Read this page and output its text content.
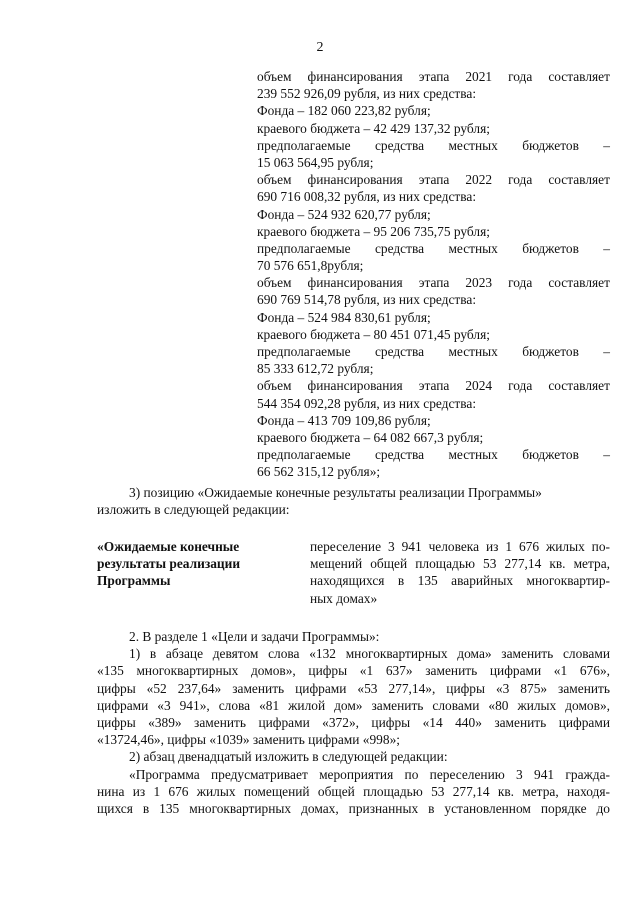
2
объем финансирования этапа 2021 года составляет
239 552 926,09 рубля, из них средства:
Фонда – 182 060 223,82 рубля;
краевого бюджета – 42 429 137,32 рубля;
предполагаемые средства местных бюджетов –
15 063 564,95 рубля;
объем финансирования этапа 2022 года составляет
690 716 008,32 рубля, из них средства:
Фонда – 524 932 620,77 рубля;
краевого бюджета – 95 206 735,75 рубля;
предполагаемые средства местных бюджетов –
70 576 651,8рубля;
объем финансирования этапа 2023 года составляет
690 769 514,78 рубля, из них средства:
Фонда – 524 984 830,61 рубля;
краевого бюджета – 80 451 071,45 рубля;
предполагаемые средства местных бюджетов –
85 333 612,72 рубля;
объем финансирования этапа 2024 года составляет
544 354 092,28 рубля, из них средства:
Фонда – 413 709 109,86 рубля;
краевого бюджета – 64 082 667,3 рубля;
предполагаемые средства местных бюджетов –
66 562 315,12 рубля»;
3) позицию «Ожидаемые конечные результаты реализации Программы»
изложить в следующей редакции:
«Ожидаемые конечные
результаты реализации
Программы
переселение 3 941 человека из 1 676 жилых по-
мещений общей площадью 53 277,14 кв. метра,
находящихся в 135 аварийных многоквартир-
ных домах»
2. В разделе 1 «Цели и задачи Программы»:
1) в абзаце девятом слова «132 многоквартирных дома» заменить словами
«135 многоквартирных домов», цифры «1 637» заменить цифрами «1 676»,
цифры «52 237,64» заменить цифрами «53 277,14», цифры «3 875» заменить
цифрами «3 941», слова «81 жилой дом» заменить словами «80 жилых домов»,
цифры «389» заменить цифрами «372», цифры «14 440» заменить цифрами
«13724,46», цифры «1039» заменить цифрами «998»;
2) абзац двенадцатый изложить в следующей редакции:
«Программа предусматривает мероприятия по переселению 3 941 гражда-
нина из 1 676 жилых помещений общей площадью 53 277,14 кв. метра, находя-
щихся в 135 многоквартирных домах, признанных в установленном порядке до
